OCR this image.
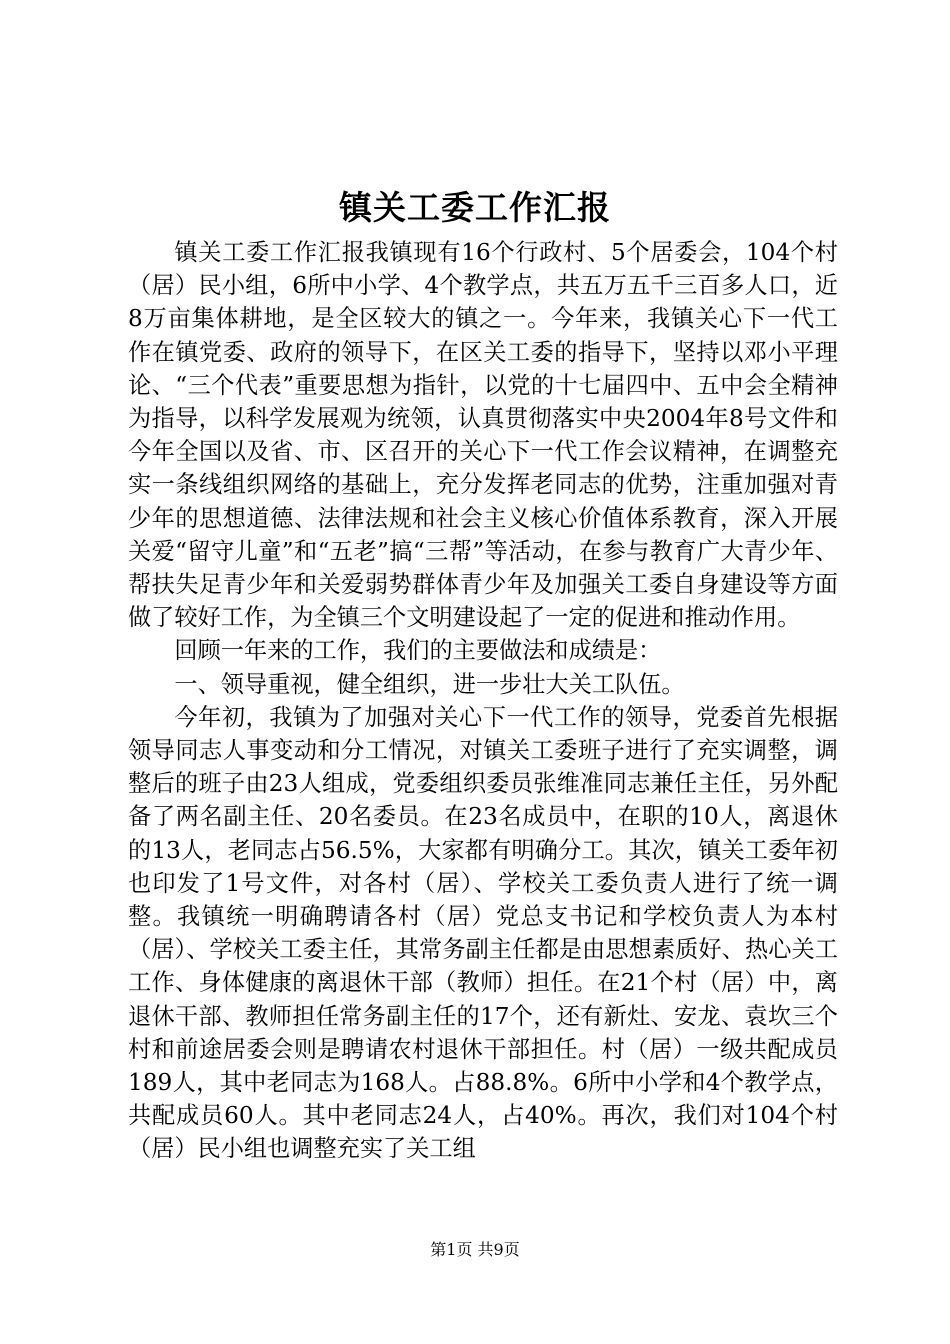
镇关工委工作汇报

镇关工委工作汇报我镇现有16个行政村、5个居委会，104个村（居）民小组，6所中小学、4个教学点，共五万五千三百多人口，近8万亩集体耕地，是全区较大的镇之一。今年来，我镇关心下一代工作在镇党委、政府的领导下，在区关工委的指导下，坚持以邓小平理论、“三个代表”重要思想为指针，以党的十七届四中、五中会全精神为指导，以科学发展观为统领，认真贯彻落实中央2004年8号文件和今年全国以及省、市、区召开的关心下一代工作会议精神，在调整充实一条线组织网络的基础上，充分发挥老同志的优势，注重加强对青少年的思想道德、法律法规和社会主义核心价值体系教育，深入开展关爱“留守儿童”和“五老”搞“三帮”等活动，在参与教育广大青少年、帮扶失足青少年和关爱弱势群体青少年及加强关工委自身建设等方面做了较好工作，为全镇三个文明建设起了一定的促进和推动作用。

回顾一年来的工作，我们的主要做法和成绩是：

一、领导重视，健全组织，进一步壮大关工队伍。

今年初，我镇为了加强对关心下一代工作的领导，党委首先根据领导同志人事变动和分工情况，对镇关工委班子进行了充实调整，调整后的班子由23人组成，党委组织委员张维准同志兼任主任，另外配备了两名副主任、20名委员。在23名成员中，在职的10人，离退休的13人，老同志占56.5%，大家都有明确分工。其次，镇关工委年初也印发了1号文件，对各村（居）、学校关工委负责人进行了统一调整。我镇统一明确聘请各村（居）党总支书记和学校负责人为本村（居）、学校关工委主任，其常务副主任都是由思想素质好、热心关工工作、身体健康的离退休干部（教师）担任。在21个村（居）中，离退休干部、教师担任常务副主任的17个，还有新灶、安龙、袁坎三个村和前途居委会则是聘请农村退休干部担任。村（居）一级共配成员189人，其中老同志为168人。占88.8%。6所中小学和4个教学点，共配成员60人。其中老同志24人，占40%。再次，我们对104个村（居）民小组也调整充实了关工组

第1页 共9页
